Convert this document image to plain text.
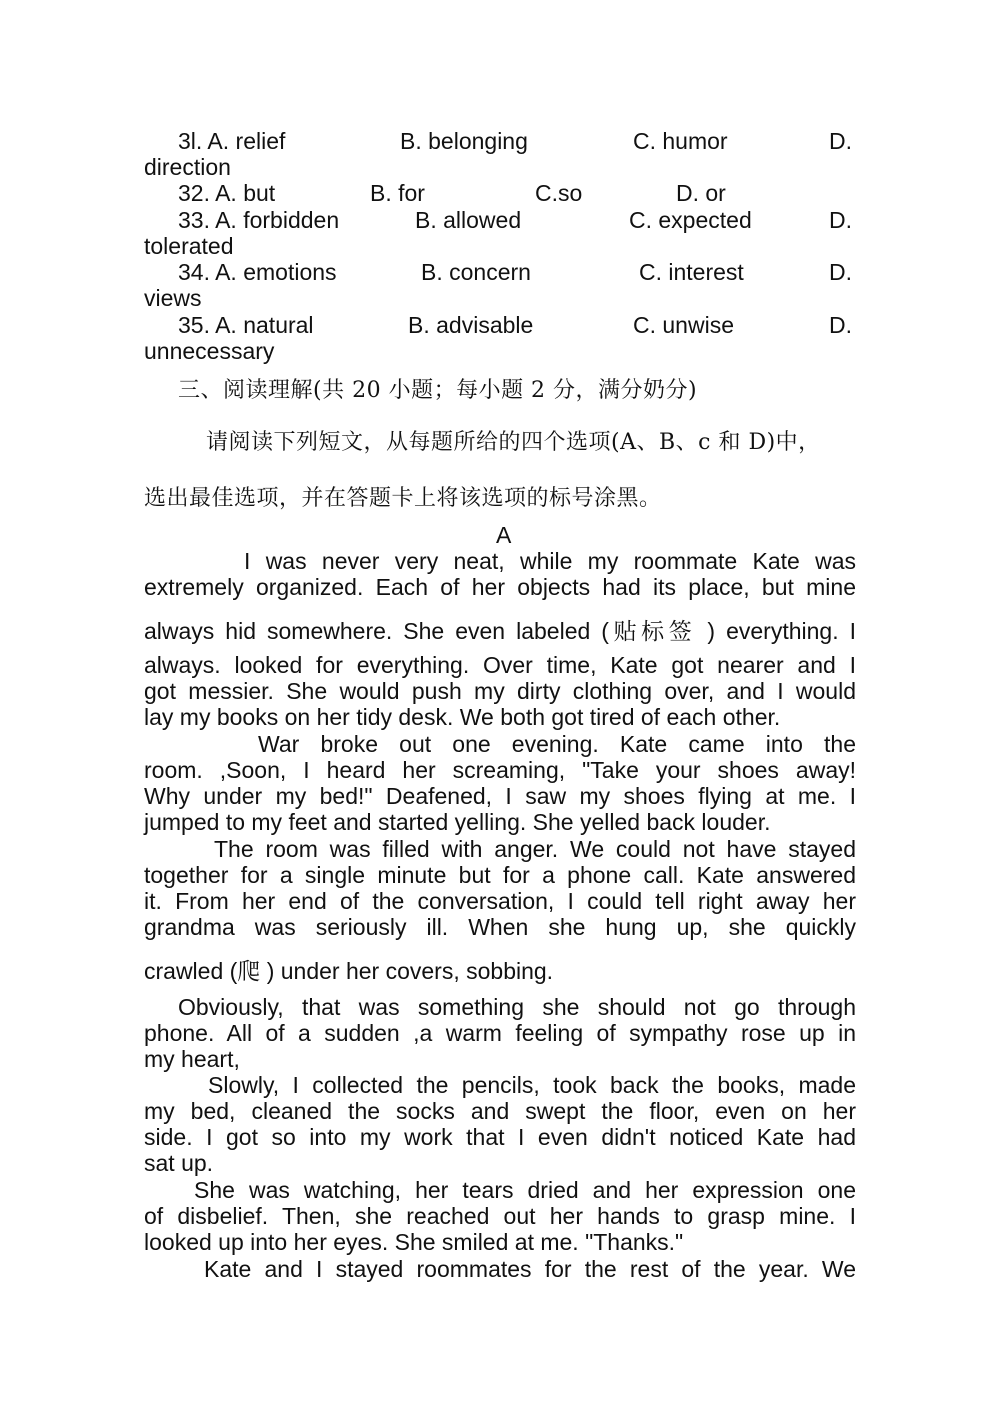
3l. A. relief	B. belonging	C. humor	D.
direction
32. A. but	B. for	C.so	D. or
33. A. forbidden	B. allowed	C. expected	D.
tolerated
34. A. emotions	B. concern	C. interest	D.
views
35. A. natural	B. advisable	C. unwise	D.
unnecessary
三、阅读理解(共 20 小题；每小题 2 分，满分奶分)
请阅读下列短文，从每题所给的四个选项(A、B、c 和 D)中，
选出最佳选项，并在答题卡上将该选项的标号涂黑。
A
I was never very neat, while my roommate Kate was
extremely organized. Each of her objects had its place, but mine
always hid somewhere. She even labeled (贴标签 ) everything. I
always. looked for everything. Over time, Kate got nearer and I
got messier. She would push my dirty clothing over, and I would
lay my books on her tidy desk. We both got tired of each other.
War broke out one evening. Kate came into the
room. ,Soon, I heard her screaming, "Take your shoes away!
Why under my bed!" Deafened, I saw my shoes flying at me. I
jumped to my feet and started yelling. She yelled back louder.
The room was filled with anger. We could not have stayed
together for a single minute but for a phone call. Kate answered
it. From her end of the conversation, I could tell right away her
grandma was seriously ill. When she hung up, she quickly
crawled (爬 ) under her covers, sobbing.
Obviously, that was something she should not go through
phone. All of a sudden ,a warm feeling of sympathy rose up in
my heart,
Slowly, I collected the pencils, took back the books, made
my bed, cleaned the socks and swept the floor, even on her
side. I got so into my work that I even didn't noticed Kate had
sat up.
She was watching, her tears dried and her expression one
of disbelief. Then, she reached out her hands to grasp mine. I
looked up into her eyes. She smiled at me. "Thanks."
Kate and I stayed roommates for the rest of the year. We
